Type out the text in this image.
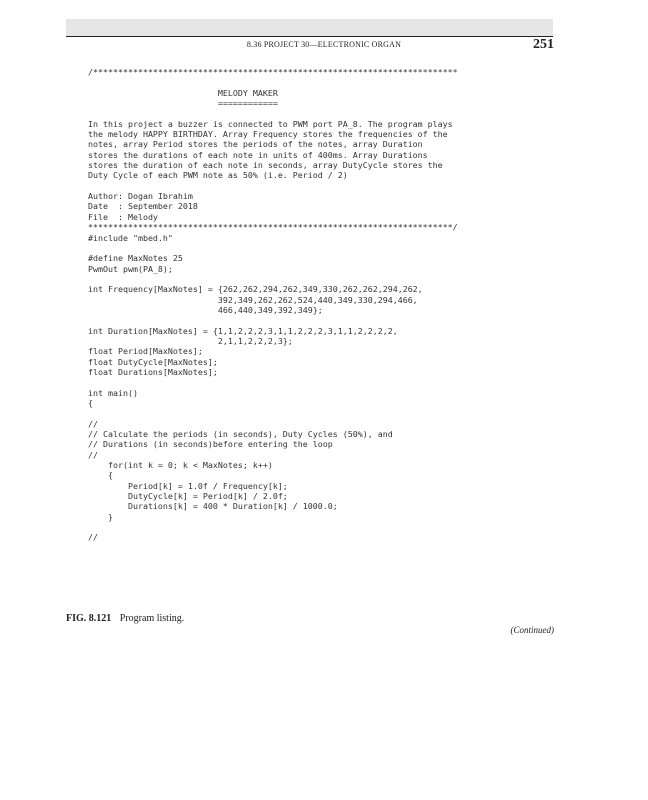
8.36 PROJECT 30—ELECTRONIC ORGAN	251
/*************************************************************************
MELODY MAKER
============
In this project a buzzer is connected to PWM port PA_8. The program plays
the melody HAPPY BIRTHDAY. Array Frequency stores the frequencies of the
notes, array Period stores the periods of the notes, array Duration
stores the durations of each note in units of 400ms. Array Durations
stores the duration of each note in seconds, array DutyCycle stores the
Duty Cycle of each PWM note as 50% (i.e. Period / 2)
Author: Dogan Ibrahim
Date  : September 2018
File  : Melody
*************************************************************************/
#include "mbed.h"
#define MaxNotes 25
PwmOut pwm(PA_8);
int Frequency[MaxNotes] = {262,262,294,262,349,330,262,262,294,262,
392,349,262,262,524,440,349,330,294,466,
466,440,349,392,349};
int Duration[MaxNotes] = {1,1,2,2,2,3,1,1,2,2,2,3,1,1,2,2,2,2,
2,1,1,2,2,2,3};
float Period[MaxNotes];
float DutyCycle[MaxNotes];
float Durations[MaxNotes];
int main()
{
//
// Calculate the periods (in seconds), Duty Cycles (50%), and
// Durations (in seconds)before entering the loop
//
for(int k = 0; k < MaxNotes; k++)
{
Period[k] = 1.0f / Frequency[k];
DutyCycle[k] = Period[k] / 2.0f;
Durations[k] = 400 * Duration[k] / 1000.0;
}
//
FIG. 8.121 Program listing.
(Continued)
